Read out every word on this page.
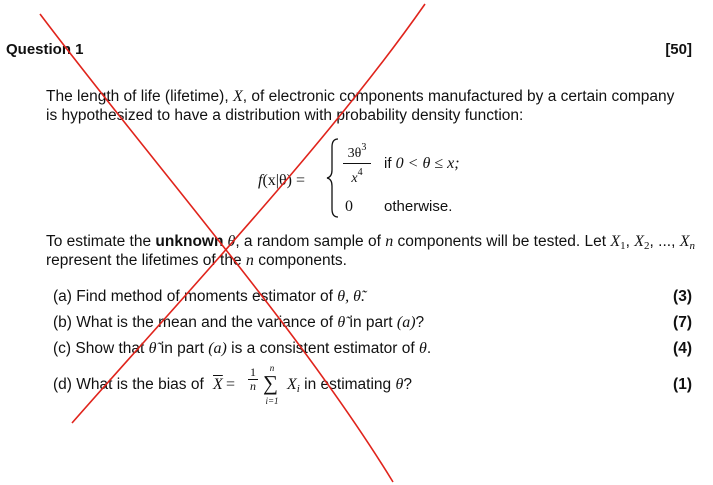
Question 1	[50]
The length of life (lifetime), X, of electronic components manufactured by a certain company
is hypothesized to have a distribution with probability density function:
f(x|θ) =
$3\theta^3$
$x^4$
if 0 < θ ≤ x;
0 otherwise.
To estimate the unknown θ, a random sample of n components will be tested. Let $X_1$, $X_2$, ..., $X_n$
represent the lifetimes of the n components.
(a) Find method of moments estimator of θ, θ̃.	(3)
(b) What is the mean and the variance of θ̃ in part (a)?	(7)
(c) Show that θ̃ in part (a) is a consistent estimator of θ.	(4)
(d) What is the bias of $\overline{X}$ =
1
n
n
∑
i=1
$X_i$ in estimating θ?	(1)
